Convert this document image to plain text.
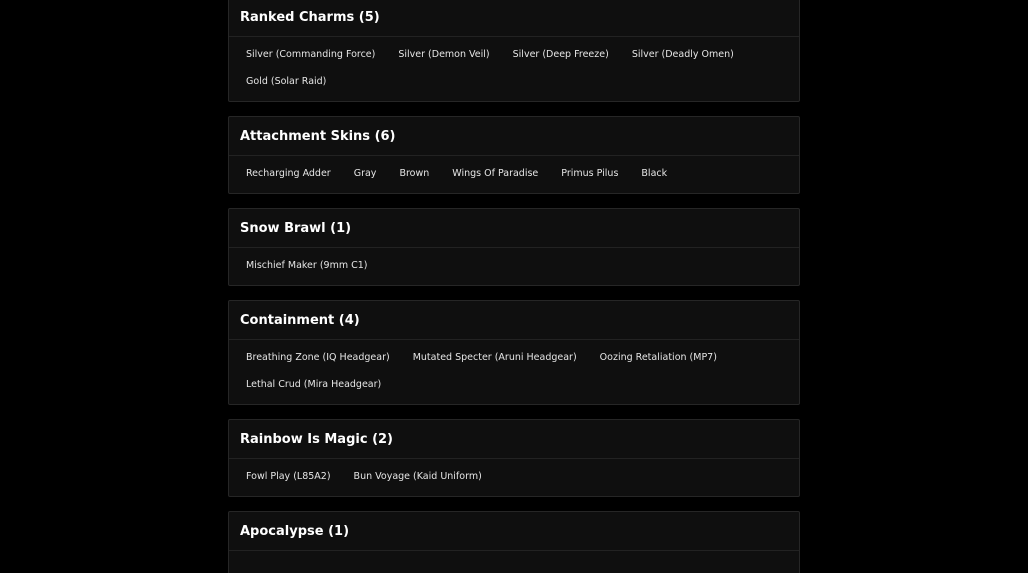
Ranked Charms (5)
Silver (Commanding Force)	Silver (Demon Veil)	Silver (Deep Freeze)	Silver (Deadly Omen)
Gold (Solar Raid)
Attachment Skins (6)
Recharging Adder	Gray	Brown	Wings Of Paradise	Primus Pilus	Black
Snow Brawl (1)
Mischief Maker (9mm C1)
Containment (4)
Breathing Zone (IQ Headgear)	Mutated Specter (Aruni Headgear)	Oozing Retaliation (MP7)
Lethal Crud (Mira Headgear)
Rainbow Is Magic (2)
Fowl Play (L85A2)	Bun Voyage (Kaid Uniform)
Apocalypse (1)
